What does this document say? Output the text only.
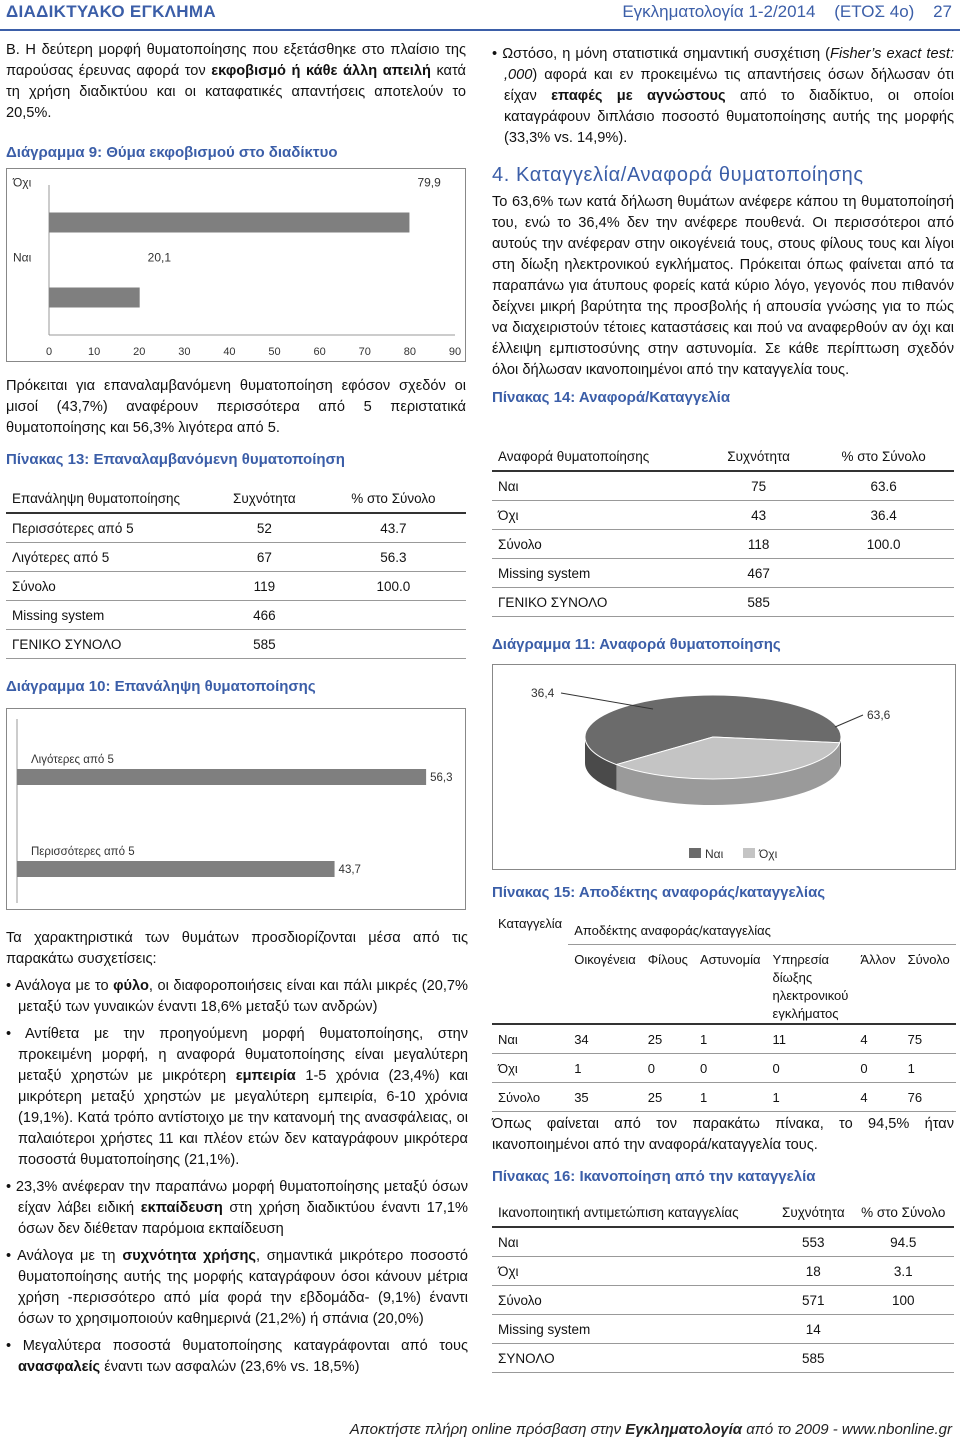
ΔΙΑΔΙΚΤΥΑΚΟ ΕΓΚΛΗΜΑ	Εγκληματολογία 1-2/2014 (ΕΤΟΣ 4ο) 27

Β. Η δεύτερη μορφή θυματοποίησης που εξετάσθηκε στο πλαίσιο της παρούσας έρευνας αφορά τον εκφοβισμό ή κάθε άλλη απειλή κατά τη χρήση διαδικτύου και οι καταφατικές απαντήσεις αποτελούν το 20,5%.

Διάγραμμα 9: Θύμα εκφοβισμού στο διαδίκτυο

Όχι	79,9
Ναι	20,1
0	10	20	30	40	50	60	70	80	90

Πρόκειται για επαναλαμβανόμενη θυματοποίηση εφόσον σχεδόν οι μισοί (43,7%) αναφέρουν περισσότερα από 5 περιστατικά θυματοποίησης και 56,3% λιγότερα από 5.

Πίνακας 13: Επαναλαμβανόμενη θυματοποίηση

Επανάληψη θυματοποίησης	Συχνότητα	% στο Σύνολο
Περισσότερες από 5	52	43.7
Λιγότερες από 5	67	56.3
Σύνολο	119	100.0
Missing system	466	
ΓΕΝΙΚΟ ΣΥΝΟΛΟ	585	

Διάγραμμα 10: Επανάληψη θυματοποίησης

Λιγότερες από 5
56,3
Περισσότερες από 5
43,7

Τα χαρακτηριστικά των θυμάτων προσδιορίζονται μέσα από τις παρακάτω συσχετίσεις:

• Ανάλογα με το φύλο, οι διαφοροποιήσεις είναι και πάλι μικρές (20,7% μεταξύ των γυναικών έναντι 18,6% μεταξύ των ανδρών)

• Αντίθετα με την προηγούμενη μορφή θυματοποίησης, στην προκειμένη μορφή, η αναφορά θυματοποίησης είναι μεγαλύτερη μεταξύ χρηστών με μικρότερη εμπειρία 1-5 χρόνια (23,4%) και μικρότερη μεταξύ χρηστών με μεγαλύτερη εμπειρία, 6-10 χρόνια (19,1%). Κατά τρόπο αντίστοιχο με την κατανομή της ανασφάλειας, οι παλαιότεροι χρήστες 11 και πλέον ετών δεν καταγράφουν μικρότερα ποσοστά θυματοποίησης (21,1%).

• 23,3% ανέφεραν την παραπάνω μορφή θυματοποίησης μεταξύ όσων είχαν λάβει ειδική εκπαίδευση στη χρήση διαδικτύου έναντι 17,1% όσων δεν διέθεταν παρόμοια εκπαίδευση

• Ανάλογα με τη συχνότητα χρήσης, σημαντικά μικρότερο ποσοστό θυματοποίησης αυτής της μορφής καταγράφουν όσοι κάνουν μέτρια χρήση -περισσότερο από μία φορά την εβδομάδα- (9,1%) έναντι όσων το χρησιμοποιούν καθημερινά (21,2%) ή σπάνια (20,0%)

• Μεγαλύτερα ποσοστά θυματοποίησης καταγράφονται από τους ανασφαλείς έναντι των ασφαλών (23,6% vs. 18,5%)

• Ωστόσο, η μόνη στατιστικά σημαντική συσχέτιση (Fisher’s exact test: ,000) αφορά και εν προκειμένω τις απαντήσεις όσων δήλωσαν ότι είχαν επαφές με αγνώστους από το διαδίκτυο, οι οποίοι καταγράφουν διπλάσιο ποσοστό θυματοποίησης αυτής της μορφής (33,3% vs. 14,9%).

4. Καταγγελία/Αναφορά θυματοποίησης

Το 63,6% των κατά δήλωση θυμάτων ανέφερε κάπου τη θυματοποίησή του, ενώ το 36,4% δεν την ανέφερε πουθενά. Οι περισσότεροι από αυτούς την ανέφεραν στην οικογένειά τους, στους φίλους τους και λίγοι στη δίωξη ηλεκτρονικού εγκλήματος. Πρόκειται όπως φαίνεται από τα παραπάνω για άτυπους φορείς κατά κύριο λόγο, γεγονός που πιθανόν δείχνει μικρή βαρύτητα της προσβολής ή απουσία γνώσης για το πώς να διαχειριστούν τέτοιες καταστάσεις και πού να αναφερθούν αν όχι και έλλειψη εμπιστοσύνης στην αστυνομία. Σε κάθε περίπτωση σχεδόν όλοι δήλωσαν ικανοποιημένοι από την καταγγελία τους.

Πίνακας 14: Αναφορά/Καταγγελία

Αναφορά θυματοποίησης	Συχνότητα	% στο Σύνολο
Ναι	75	63.6
Όχι	43	36.4
Σύνολο	118	100.0
Missing system	467	
ΓΕΝΙΚΟ ΣΥΝΟΛΟ	585	

Διάγραμμα 11: Αναφορά θυματοποίησης

63,6
36,4
Ναι	Όχι

Πίνακας 15: Αποδέκτης αναφοράς/καταγγελίας

Καταγγελία	Αποδέκτης αναφοράς/καταγγελίας					
	Οικογένεια	Φίλους	Αστυνομία	Υπηρεσία δίωξης ηλεκτρονικού εγκλήματος	Άλλον	Σύνολο
Ναι	34	25	1	11	4	75
Όχι	1	0	0	0	0	1
Σύνολο	35	25	1	1	4	76

Όπως φαίνεται από τον παρακάτω πίνακα, το 94,5% ήταν ικανοποιημένοι από την αναφορά/καταγγελία τους.

Πίνακας 16: Ικανοποίηση από την καταγγελία

Ικανοποιητική αντιμετώπιση καταγγελίας	Συχνότητα	% στο Σύνολο
Ναι	553	94.5
Όχι	18	3.1
Σύνολο	571	100
Missing system	14	
ΣΥΝΟΛΟ	585	
Αποκτήστε πλήρη online πρόσβαση στην Εγκληματολογία από το 2009 - www.nbonline.gr
